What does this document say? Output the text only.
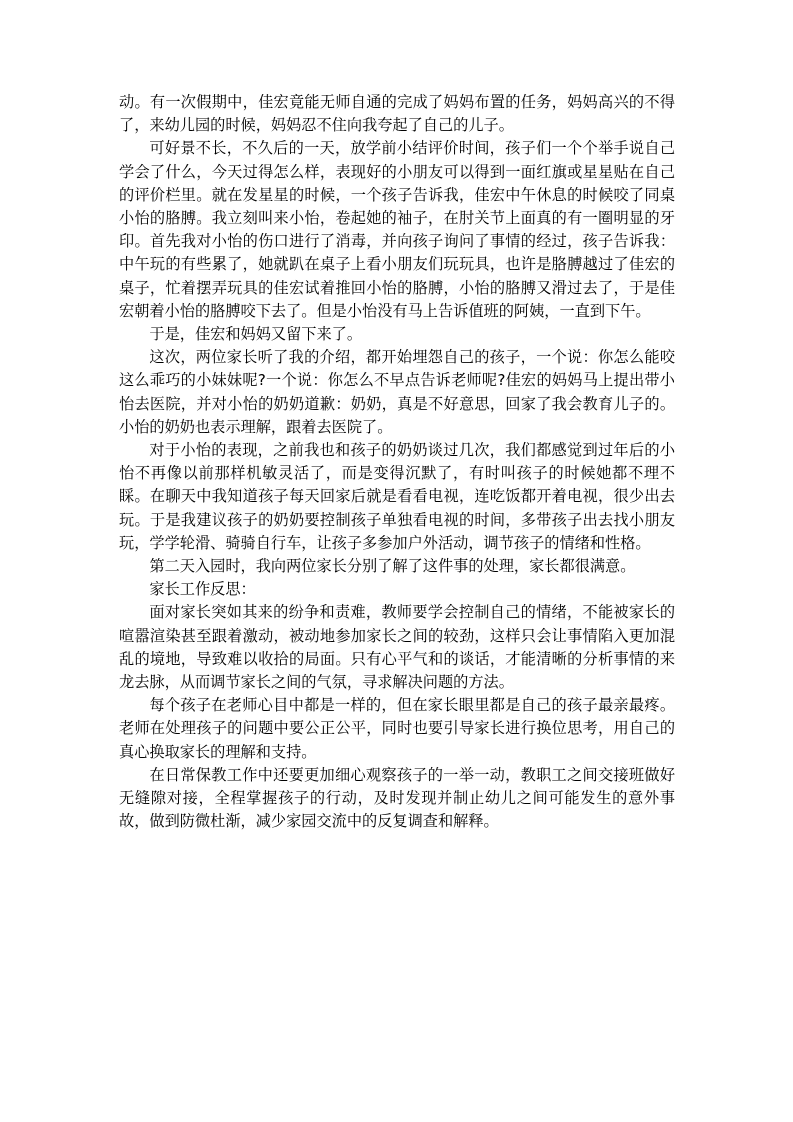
动。有一次假期中，佳宏竟能无师自通的完成了妈妈布置的任务，妈妈高兴的不得了，来幼儿园的时候，妈妈忍不住向我夸起了自己的儿子。

可好景不长，不久后的一天，放学前小结评价时间，孩子们一个个举手说自己学会了什么，今天过得怎么样，表现好的小朋友可以得到一面红旗或星星贴在自己的评价栏里。就在发星星的时候，一个孩子告诉我，佳宏中午休息的时候咬了同桌小怡的胳膊。我立刻叫来小怡，卷起她的袖子，在肘关节上面真的有一圈明显的牙印。首先我对小怡的伤口进行了消毒，并向孩子询问了事情的经过，孩子告诉我：中午玩的有些累了，她就趴在桌子上看小朋友们玩玩具，也许是胳膊越过了佳宏的桌子，忙着摆弄玩具的佳宏试着推回小怡的胳膊，小怡的胳膊又滑过去了，于是佳宏朝着小怡的胳膊咬下去了。但是小怡没有马上告诉值班的阿姨，一直到下午。

于是，佳宏和妈妈又留下来了。

这次，两位家长听了我的介绍，都开始埋怨自己的孩子，一个说：你怎么能咬这么乖巧的小妹妹呢?一个说：你怎么不早点告诉老师呢?佳宏的妈妈马上提出带小怡去医院，并对小怡的奶奶道歉：奶奶，真是不好意思，回家了我会教育儿子的。小怡的奶奶也表示理解，跟着去医院了。

对于小怡的表现，之前我也和孩子的奶奶谈过几次，我们都感觉到过年后的小怡不再像以前那样机敏灵活了，而是变得沉默了，有时叫孩子的时候她都不理不睬。在聊天中我知道孩子每天回家后就是看看电视，连吃饭都开着电视，很少出去玩。于是我建议孩子的奶奶要控制孩子单独看电视的时间，多带孩子出去找小朋友玩，学学轮滑、骑骑自行车，让孩子多参加户外活动，调节孩子的情绪和性格。

第二天入园时，我向两位家长分别了解了这件事的处理，家长都很满意。

家长工作反思：

面对家长突如其来的纷争和责难，教师要学会控制自己的情绪，不能被家长的喧嚣渲染甚至跟着激动，被动地参加家长之间的较劲，这样只会让事情陷入更加混乱的境地，导致难以收拾的局面。只有心平气和的谈话，才能清晰的分析事情的来龙去脉，从而调节家长之间的气氛，寻求解决问题的方法。

每个孩子在老师心目中都是一样的，但在家长眼里都是自己的孩子最亲最疼。老师在处理孩子的问题中要公正公平，同时也要引导家长进行换位思考，用自己的真心换取家长的理解和支持。

在日常保教工作中还要更加细心观察孩子的一举一动，教职工之间交接班做好无缝隙对接，全程掌握孩子的行动，及时发现并制止幼儿之间可能发生的意外事故，做到防微杜渐，减少家园交流中的反复调查和解释。
